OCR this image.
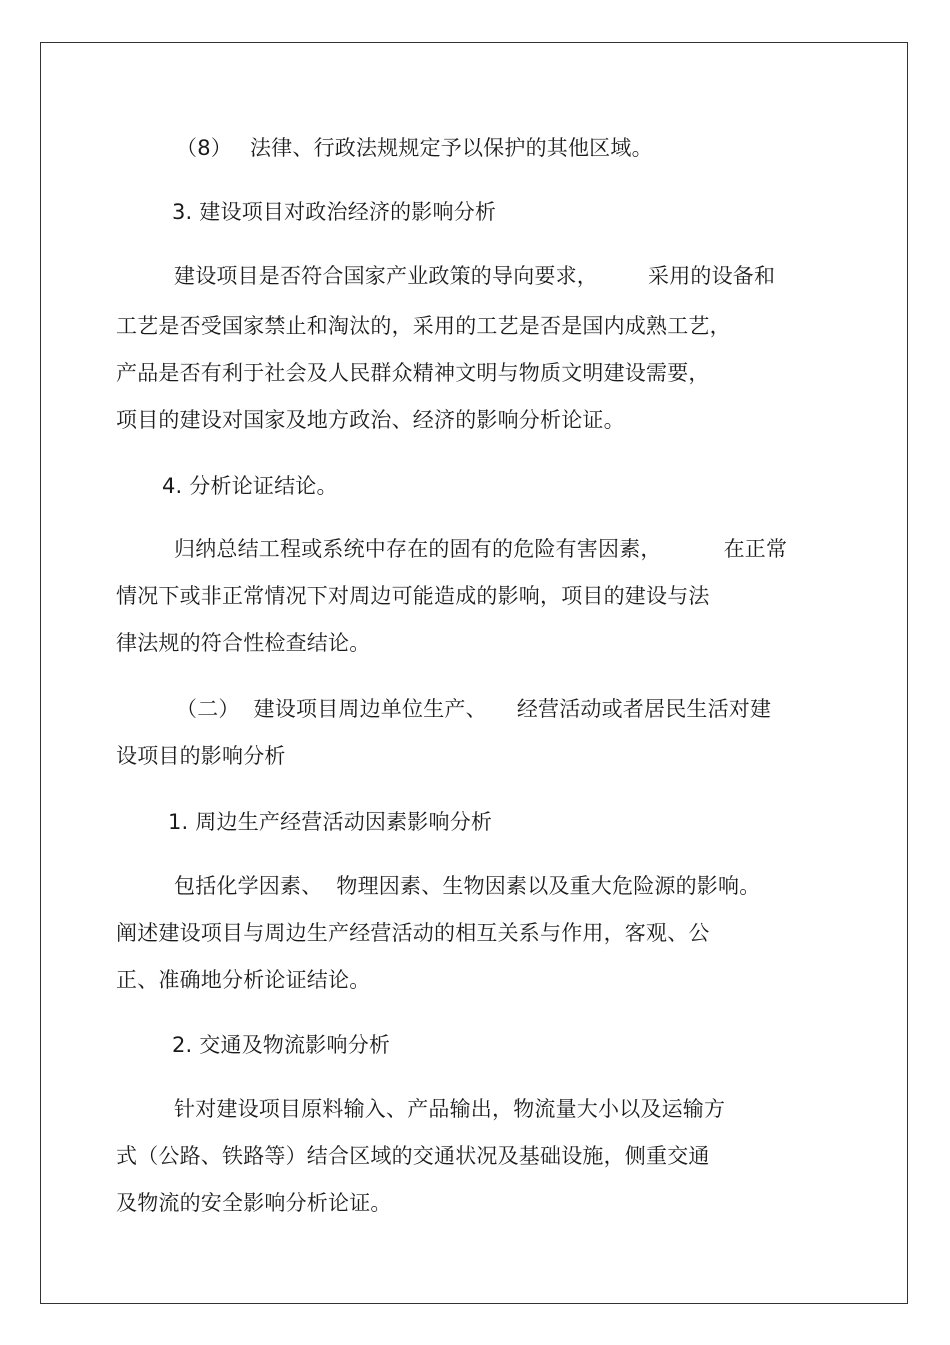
（8） 法律、行政法规规定予以保护的其他区域。
3. 建设项目对政治经济的影响分析
建设项目是否符合国家产业政策的导向要求， 采用的设备和
工艺是否受国家禁止和淘汰的，采用的工艺是否是国内成熟工艺，
产品是否有利于社会及人民群众精神文明与物质文明建设需要，
项目的建设对国家及地方政治、经济的影响分析论证。
4. 分析论证结论。
归纳总结工程或系统中存在的固有的危险有害因素，	在正常
情况下或非正常情况下对周边可能造成的影响，项目的建设与法
律法规的符合性检查结论。
（二） 建设项目周边单位生产、 经营活动或者居民生活对建
设项目的影响分析
1. 周边生产经营活动因素影响分析
包括化学因素、 物理因素、生物因素以及重大危险源的影响。
阐述建设项目与周边生产经营活动的相互关系与作用，客观、公
正、准确地分析论证结论。
2. 交通及物流影响分析
针对建设项目原料输入、产品输出，物流量大小以及运输方
式（公路、铁路等）结合区域的交通状况及基础设施，侧重交通
及物流的安全影响分析论证。
